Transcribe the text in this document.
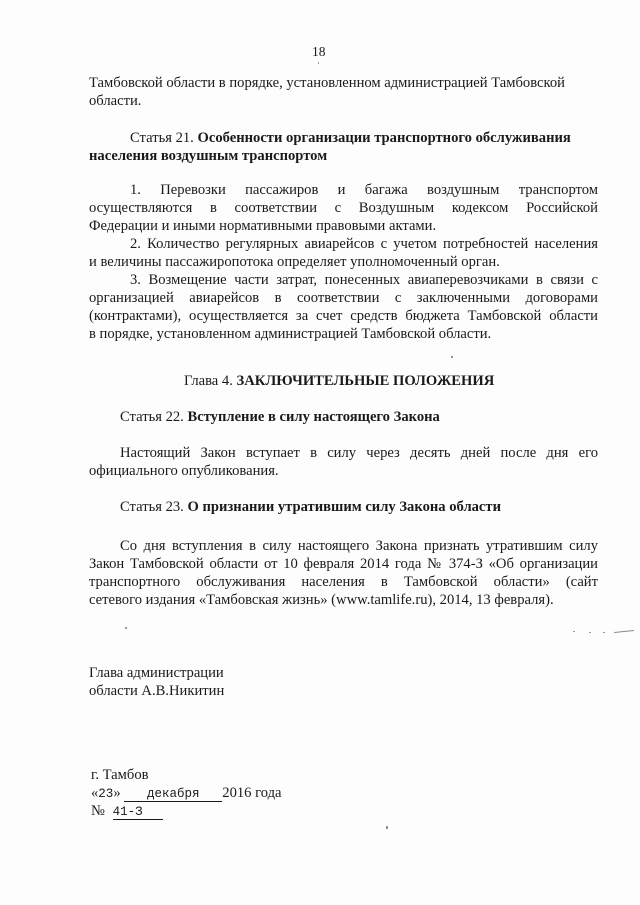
18
Тамбовской области в порядке, установленном администрацией Тамбовской
области.
Статья 21. Особенности организации транспортного обслуживания
населения воздушным транспортом
1. Перевозки пассажиров и багажа воздушным транспортом
осуществляются в соответствии с Воздушным кодексом Российской
Федерации и иными нормативными правовыми актами.
2. Количество регулярных авиарейсов с учетом потребностей населения
и величины пассажиропотока определяет уполномоченный орган.
3. Возмещение части затрат, понесенных авиаперевозчиками в связи с
организацией авиарейсов в соответствии с заключенными договорами
(контрактами), осуществляется за счет средств бюджета Тамбовской области
в порядке, установленном администрацией Тамбовской области.
Глава 4. ЗАКЛЮЧИТЕЛЬНЫЕ ПОЛОЖЕНИЯ
Статья 22. Вступление в силу настоящего Закона
Настоящий Закон вступает в силу через десять дней после дня его
официального опубликования.
Статья 23. О признании утратившим силу Закона области
Со дня вступления в силу настоящего Закона признать утратившим силу
Закон Тамбовской области от 10 февраля 2014 года № 374-З «Об организации
транспортного обслуживания населения в Тамбовской области» (сайт
сетевого издания «Тамбовская жизнь» (www.tamlife.ru), 2014, 13 февраля).
Глава администрации
области А.В.Никитин
г. Тамбов
«23» декабря 2016 года
№ 41-З
